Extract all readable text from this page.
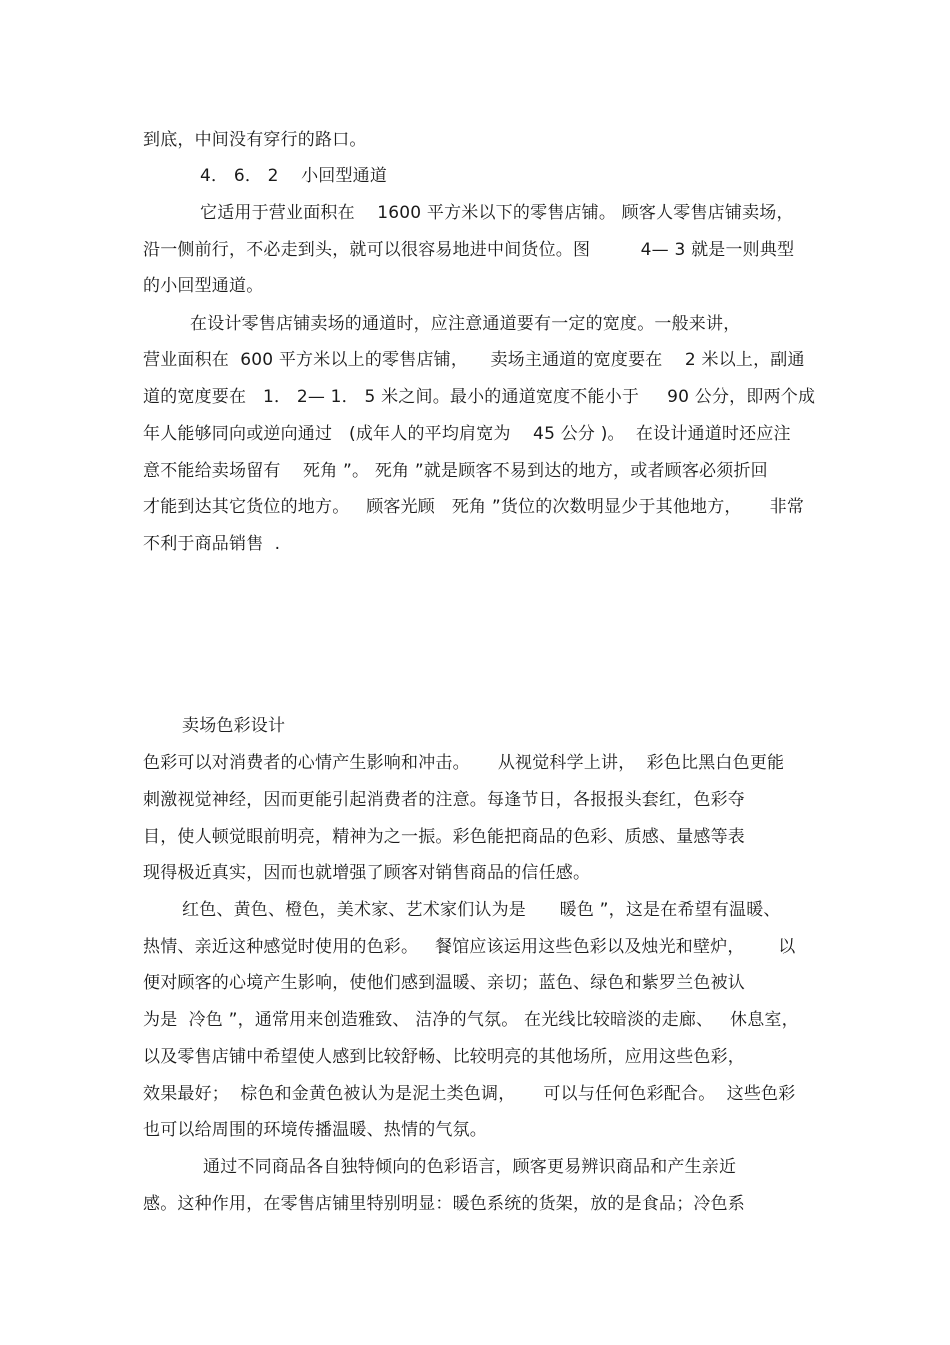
到底，中间没有穿行的路口。
4． 6． 2    小回型通道
它适用于营业面积在    1600 平方米以下的零售店铺。 顾客人零售店铺卖场，
沿一侧前行，不必走到头，就可以很容易地进中间货位。图         4— 3 就是一则典型
的小回型通道。
在设计零售店铺卖场的通道时，应注意通道要有一定的宽度。一般来讲，
营业面积在  600 平方米以上的零售店铺，    卖场主通道的宽度要在    2 米以上，副通
道的宽度要在   1． 2— 1． 5 米之间。最小的通道宽度不能小于     90 公分，即两个成
年人能够同向或逆向通过   (成年人的平均肩宽为    45 公分 )。  在设计通道时还应注
意不能给卖场留有    死角 ”。 死角 ”就是顾客不易到达的地方，或者顾客必须折回
才能到达其它货位的地方。   顾客光顾   死角 ”货位的次数明显少于其他地方，     非常
不利于商品销售  .
卖场色彩设计
色彩可以对消费者的心情产生影响和冲击。     从视觉科学上讲，  彩色比黑白色更能
刺激视觉神经，因而更能引起消费者的注意。每逢节日，各报报头套红，色彩夺
目，使人顿觉眼前明亮，精神为之一振。彩色能把商品的色彩、质感、量感等表
现得极近真实，因而也就增强了顾客对销售商品的信任感。
红色、黄色、橙色，美术家、艺术家们认为是      暖色 ”，这是在希望有温暖、
热情、亲近这种感觉时使用的色彩。   餐馆应该运用这些色彩以及烛光和壁炉，      以
便对顾客的心境产生影响，使他们感到温暖、亲切；蓝色、绿色和紫罗兰色被认
为是  冷色 ”，通常用来创造雅致、 洁净的气氛。 在光线比较暗淡的走廊、   休息室，
以及零售店铺中希望使人感到比较舒畅、比较明亮的其他场所，应用这些色彩，
效果最好；  棕色和金黄色被认为是泥土类色调，     可以与任何色彩配合。  这些色彩
也可以给周围的环境传播温暖、热情的气氛。
通过不同商品各自独特倾向的色彩语言，顾客更易辨识商品和产生亲近
感。这种作用，在零售店铺里特别明显：暖色系统的货架，放的是食品；冷色系
